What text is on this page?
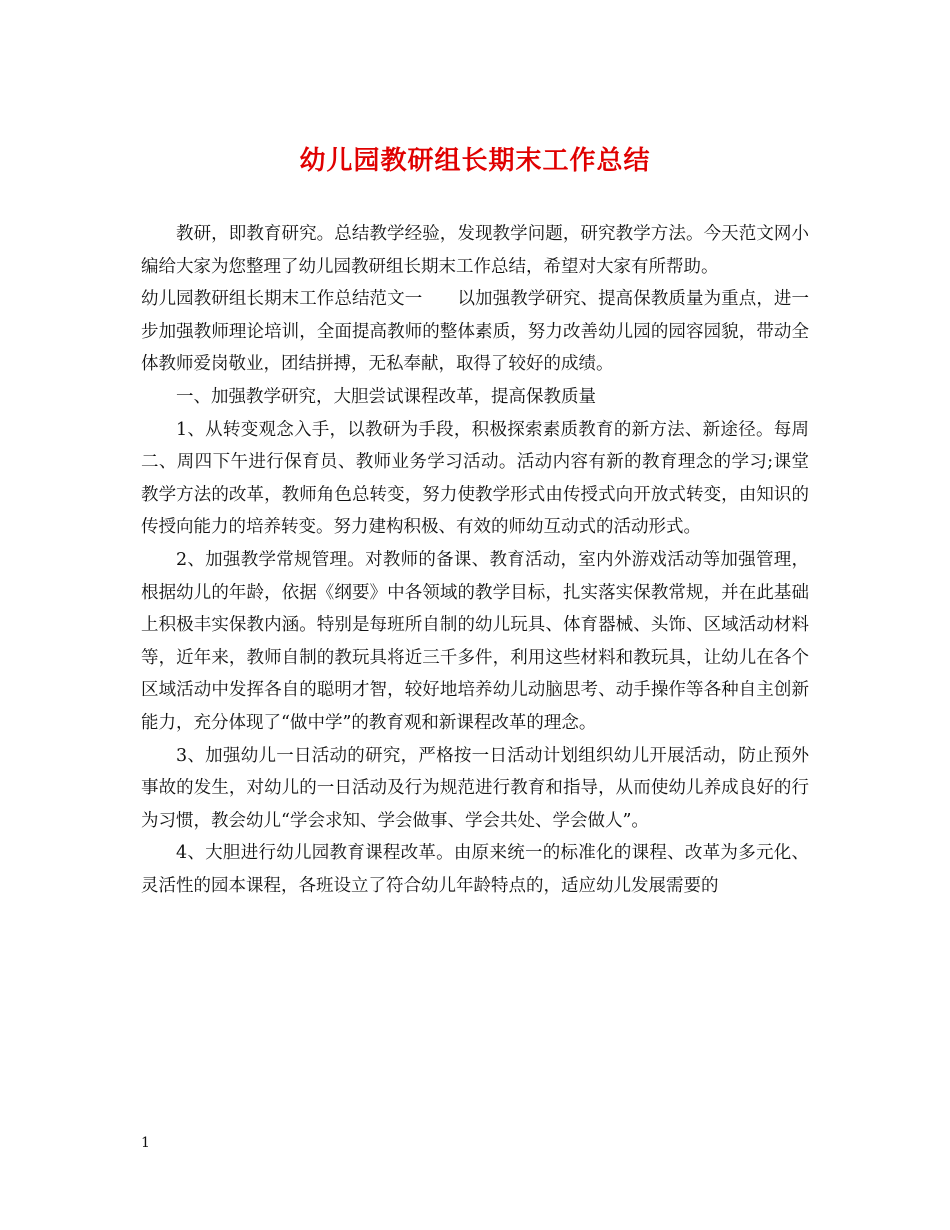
幼儿园教研组长期末工作总结

教研，即教育研究。总结教学经验，发现教学问题，研究教学方法。今天范文网小编给大家为您整理了幼儿园教研组长期末工作总结，希望对大家有所帮助。

幼儿园教研组长期末工作总结范文一　　以加强教学研究、提高保教质量为重点，进一步加强教师理论培训，全面提高教师的整体素质，努力改善幼儿园的园容园貌，带动全体教师爱岗敬业，团结拼搏，无私奉献，取得了较好的成绩。

一、加强教学研究，大胆尝试课程改革，提高保教质量

1、从转变观念入手，以教研为手段，积极探索素质教育的新方法、新途径。每周二、周四下午进行保育员、教师业务学习活动。活动内容有新的教育理念的学习;课堂教学方法的改革，教师角色总转变，努力使教学形式由传授式向开放式转变，由知识的传授向能力的培养转变。努力建构积极、有效的师幼互动式的活动形式。

2、加强教学常规管理。对教师的备课、教育活动，室内外游戏活动等加强管理，根据幼儿的年龄，依据《纲要》中各领域的教学目标，扎实落实保教常规，并在此基础上积极丰实保教内涵。特别是每班所自制的幼儿玩具、体育器械、头饰、区域活动材料等，近年来，教师自制的教玩具将近三千多件，利用这些材料和教玩具，让幼儿在各个区域活动中发挥各自的聪明才智，较好地培养幼儿动脑思考、动手操作等各种自主创新能力，充分体现了“做中学”的教育观和新课程改革的理念。

3、加强幼儿一日活动的研究，严格按一日活动计划组织幼儿开展活动，防止预外事故的发生，对幼儿的一日活动及行为规范进行教育和指导，从而使幼儿养成良好的行为习惯，教会幼儿“学会求知、学会做事、学会共处、学会做人”。

4、大胆进行幼儿园教育课程改革。由原来统一的标准化的课程、改革为多元化、灵活性的园本课程，各班设立了符合幼儿年龄特点的，适应幼儿发展需要的

1
